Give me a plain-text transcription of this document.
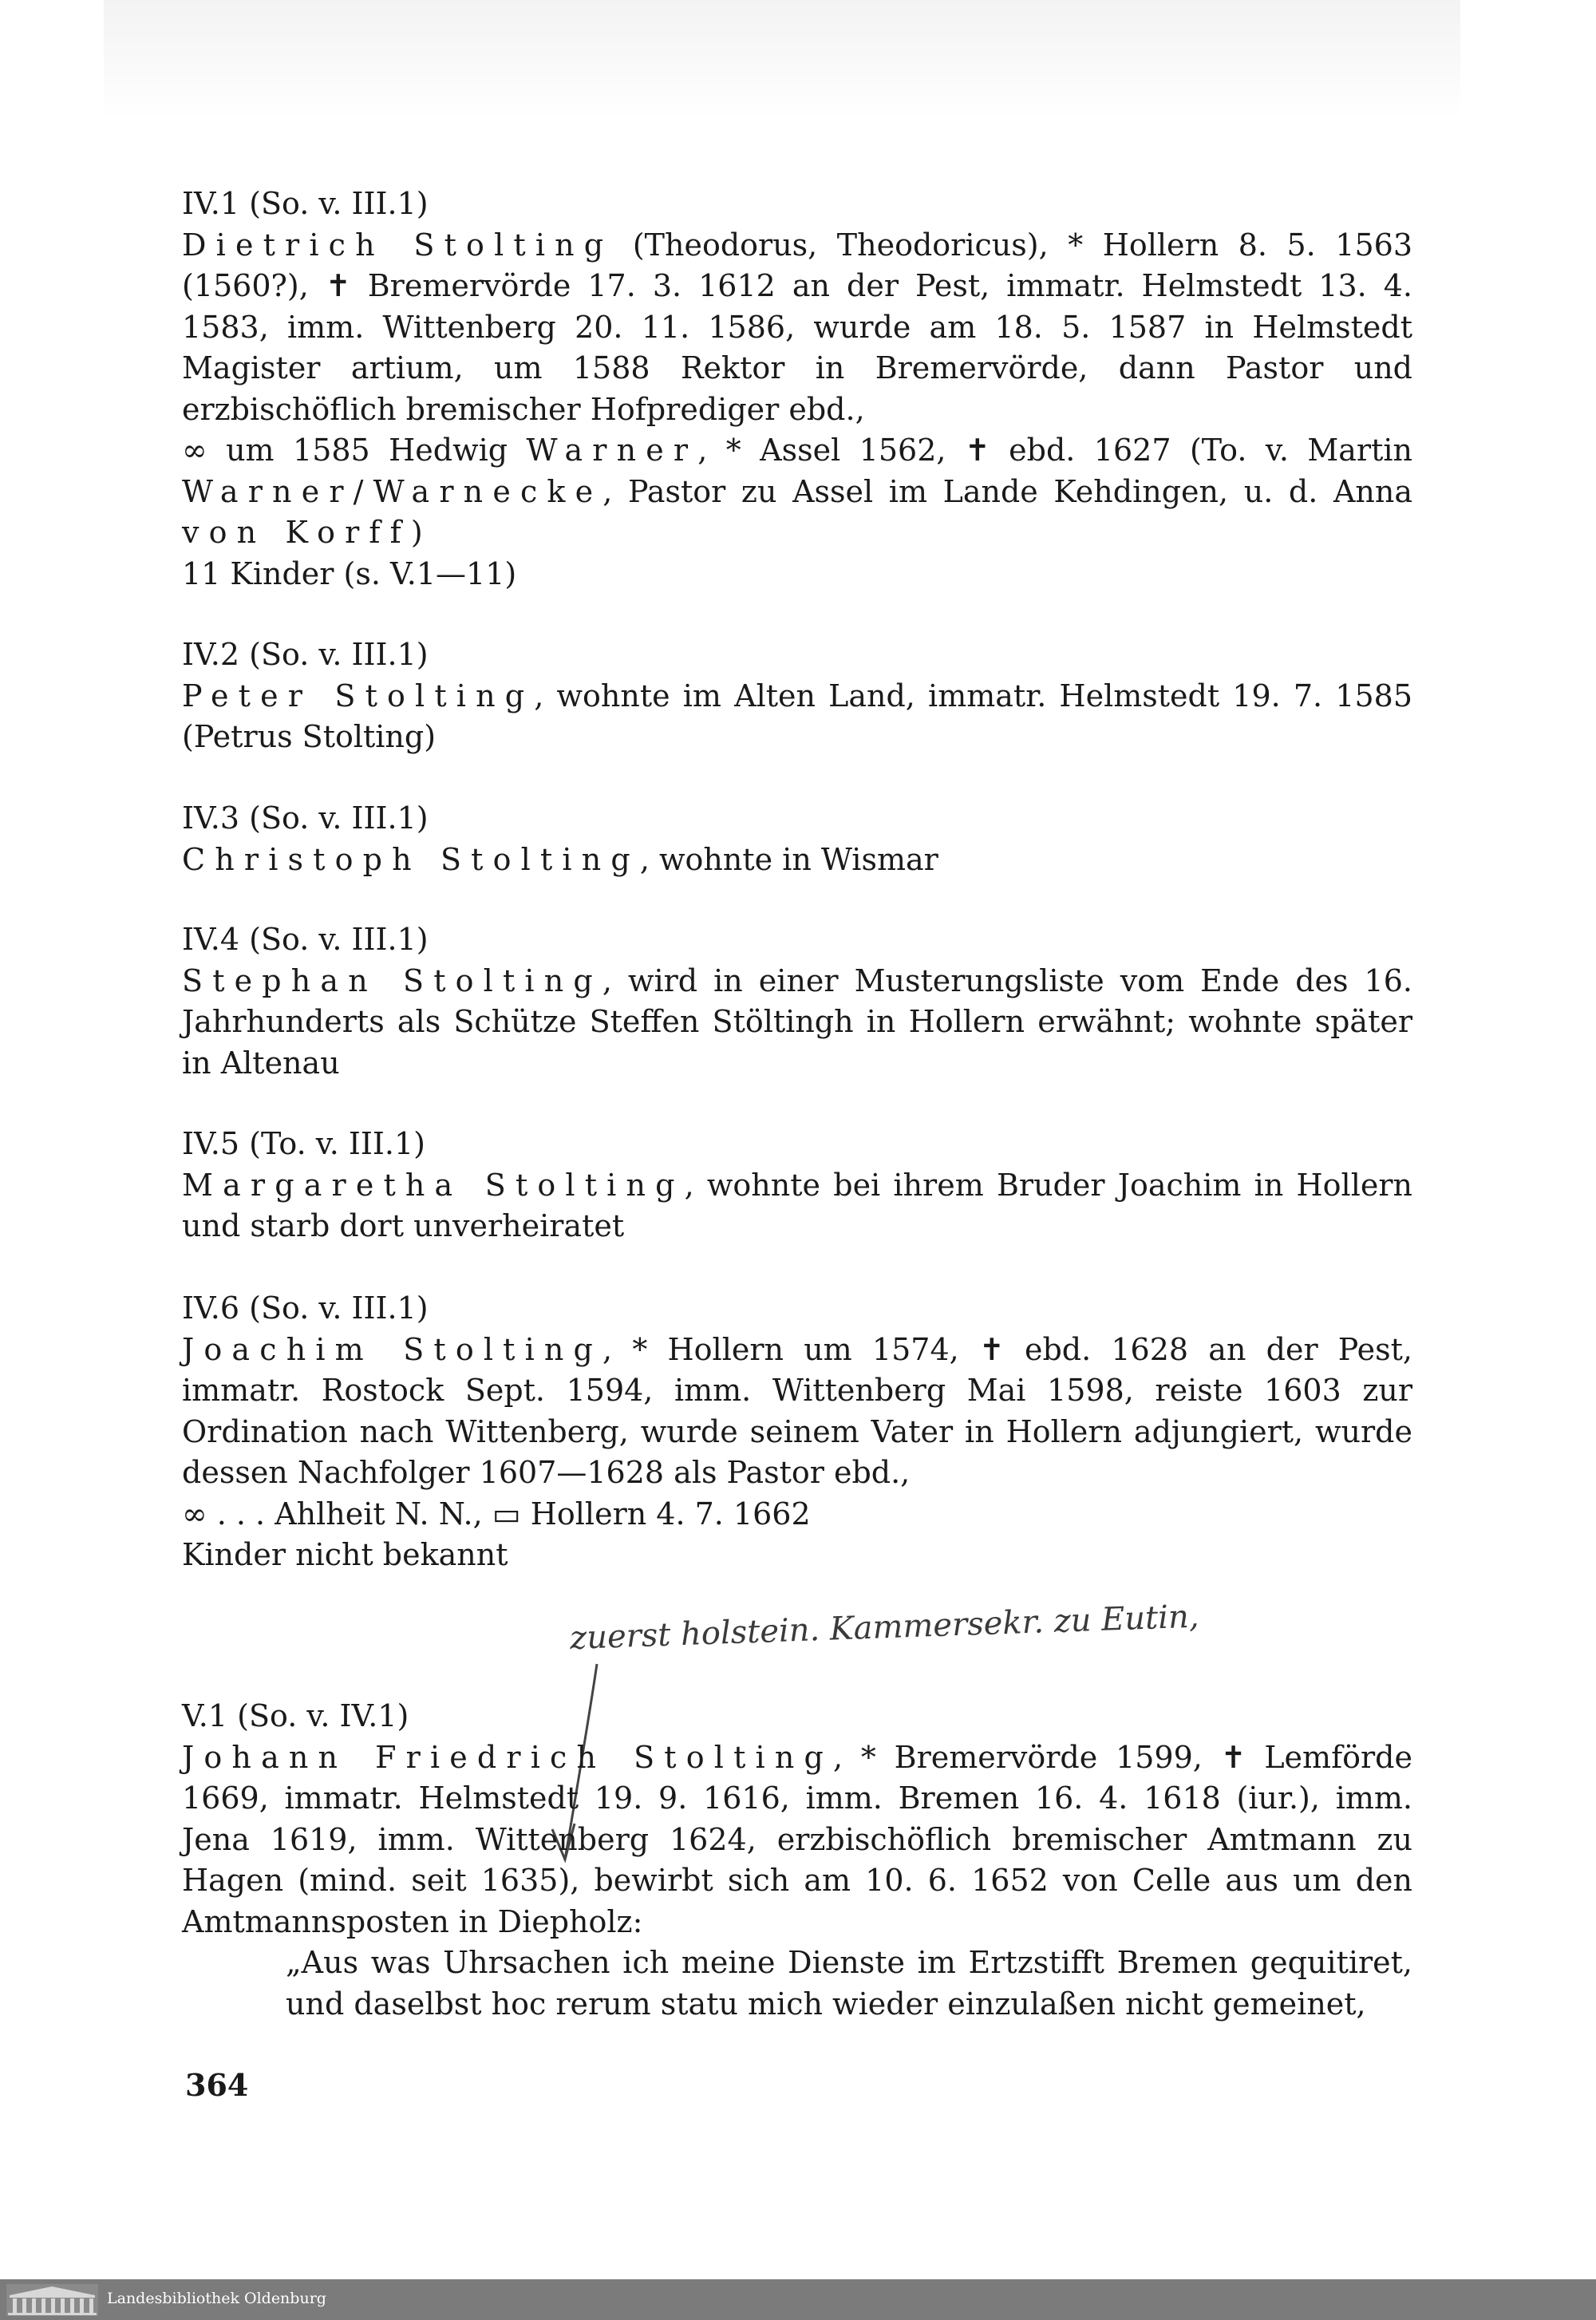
IV.1 (So. v. III.1)

Dietrich Stolting (Theodorus, Theodoricus), * Hollern 8. 5. 1563 (1560?), ✝ Bremervörde 17. 3. 1612 an der Pest, immatr. Helmstedt 13. 4. 1583, imm. Wittenberg 20. 11. 1586, wurde am 18. 5. 1587 in Helmstedt Magister artium, um 1588 Rektor in Bremervörde, dann Pastor und erzbischöflich bremischer Hofprediger ebd.,

∞ um 1585 Hedwig Warner, * Assel 1562, ✝ ebd. 1627 (To. v. Martin Warner/Warnecke, Pastor zu Assel im Lande Kehdingen, u. d. Anna von Korff)

11 Kinder (s. V.1—11)

IV.2 (So. v. III.1)

Peter Stolting, wohnte im Alten Land, immatr. Helmstedt 19. 7. 1585 (Petrus Stolting)

IV.3 (So. v. III.1)

Christoph Stolting, wohnte in Wismar

IV.4 (So. v. III.1)

Stephan Stolting, wird in einer Musterungsliste vom Ende des 16. Jahrhunderts als Schütze Steffen Stöltingh in Hollern erwähnt; wohnte später in Altenau

IV.5 (To. v. III.1)

Margaretha Stolting, wohnte bei ihrem Bruder Joachim in Hollern und starb dort unverheiratet

IV.6 (So. v. III.1)

Joachim Stolting, * Hollern um 1574, ✝ ebd. 1628 an der Pest, immatr. Rostock Sept. 1594, imm. Wittenberg Mai 1598, reiste 1603 zur Ordination nach Wittenberg, wurde seinem Vater in Hollern adjungiert, wurde dessen Nachfolger 1607—1628 als Pastor ebd.,

∞ . . . Ahlheit N. N., ▭ Hollern 4. 7. 1662

Kinder nicht bekannt

zuerst holstein. Kammersekr. zu Eutin,

V.1 (So. v. IV.1)

Johann Friedrich Stolting, * Bremervörde 1599, ✝ Lemförde 1669, immatr. Helmstedt 19. 9. 1616, imm. Bremen 16. 4. 1618 (iur.), imm. Jena 1619, imm. Wittenberg 1624, erzbischöflich bremischer Amtmann zu Hagen (mind. seit 1635), bewirbt sich am 10. 6. 1652 von Celle aus um den Amtmannsposten in Diepholz:

„Aus was Uhrsachen ich meine Dienste im Ertzstifft Bremen gequitiret, und daselbst hoc rerum statu mich wieder einzulaßen nicht gemeinet,

364

Landesbibliothek Oldenburg
